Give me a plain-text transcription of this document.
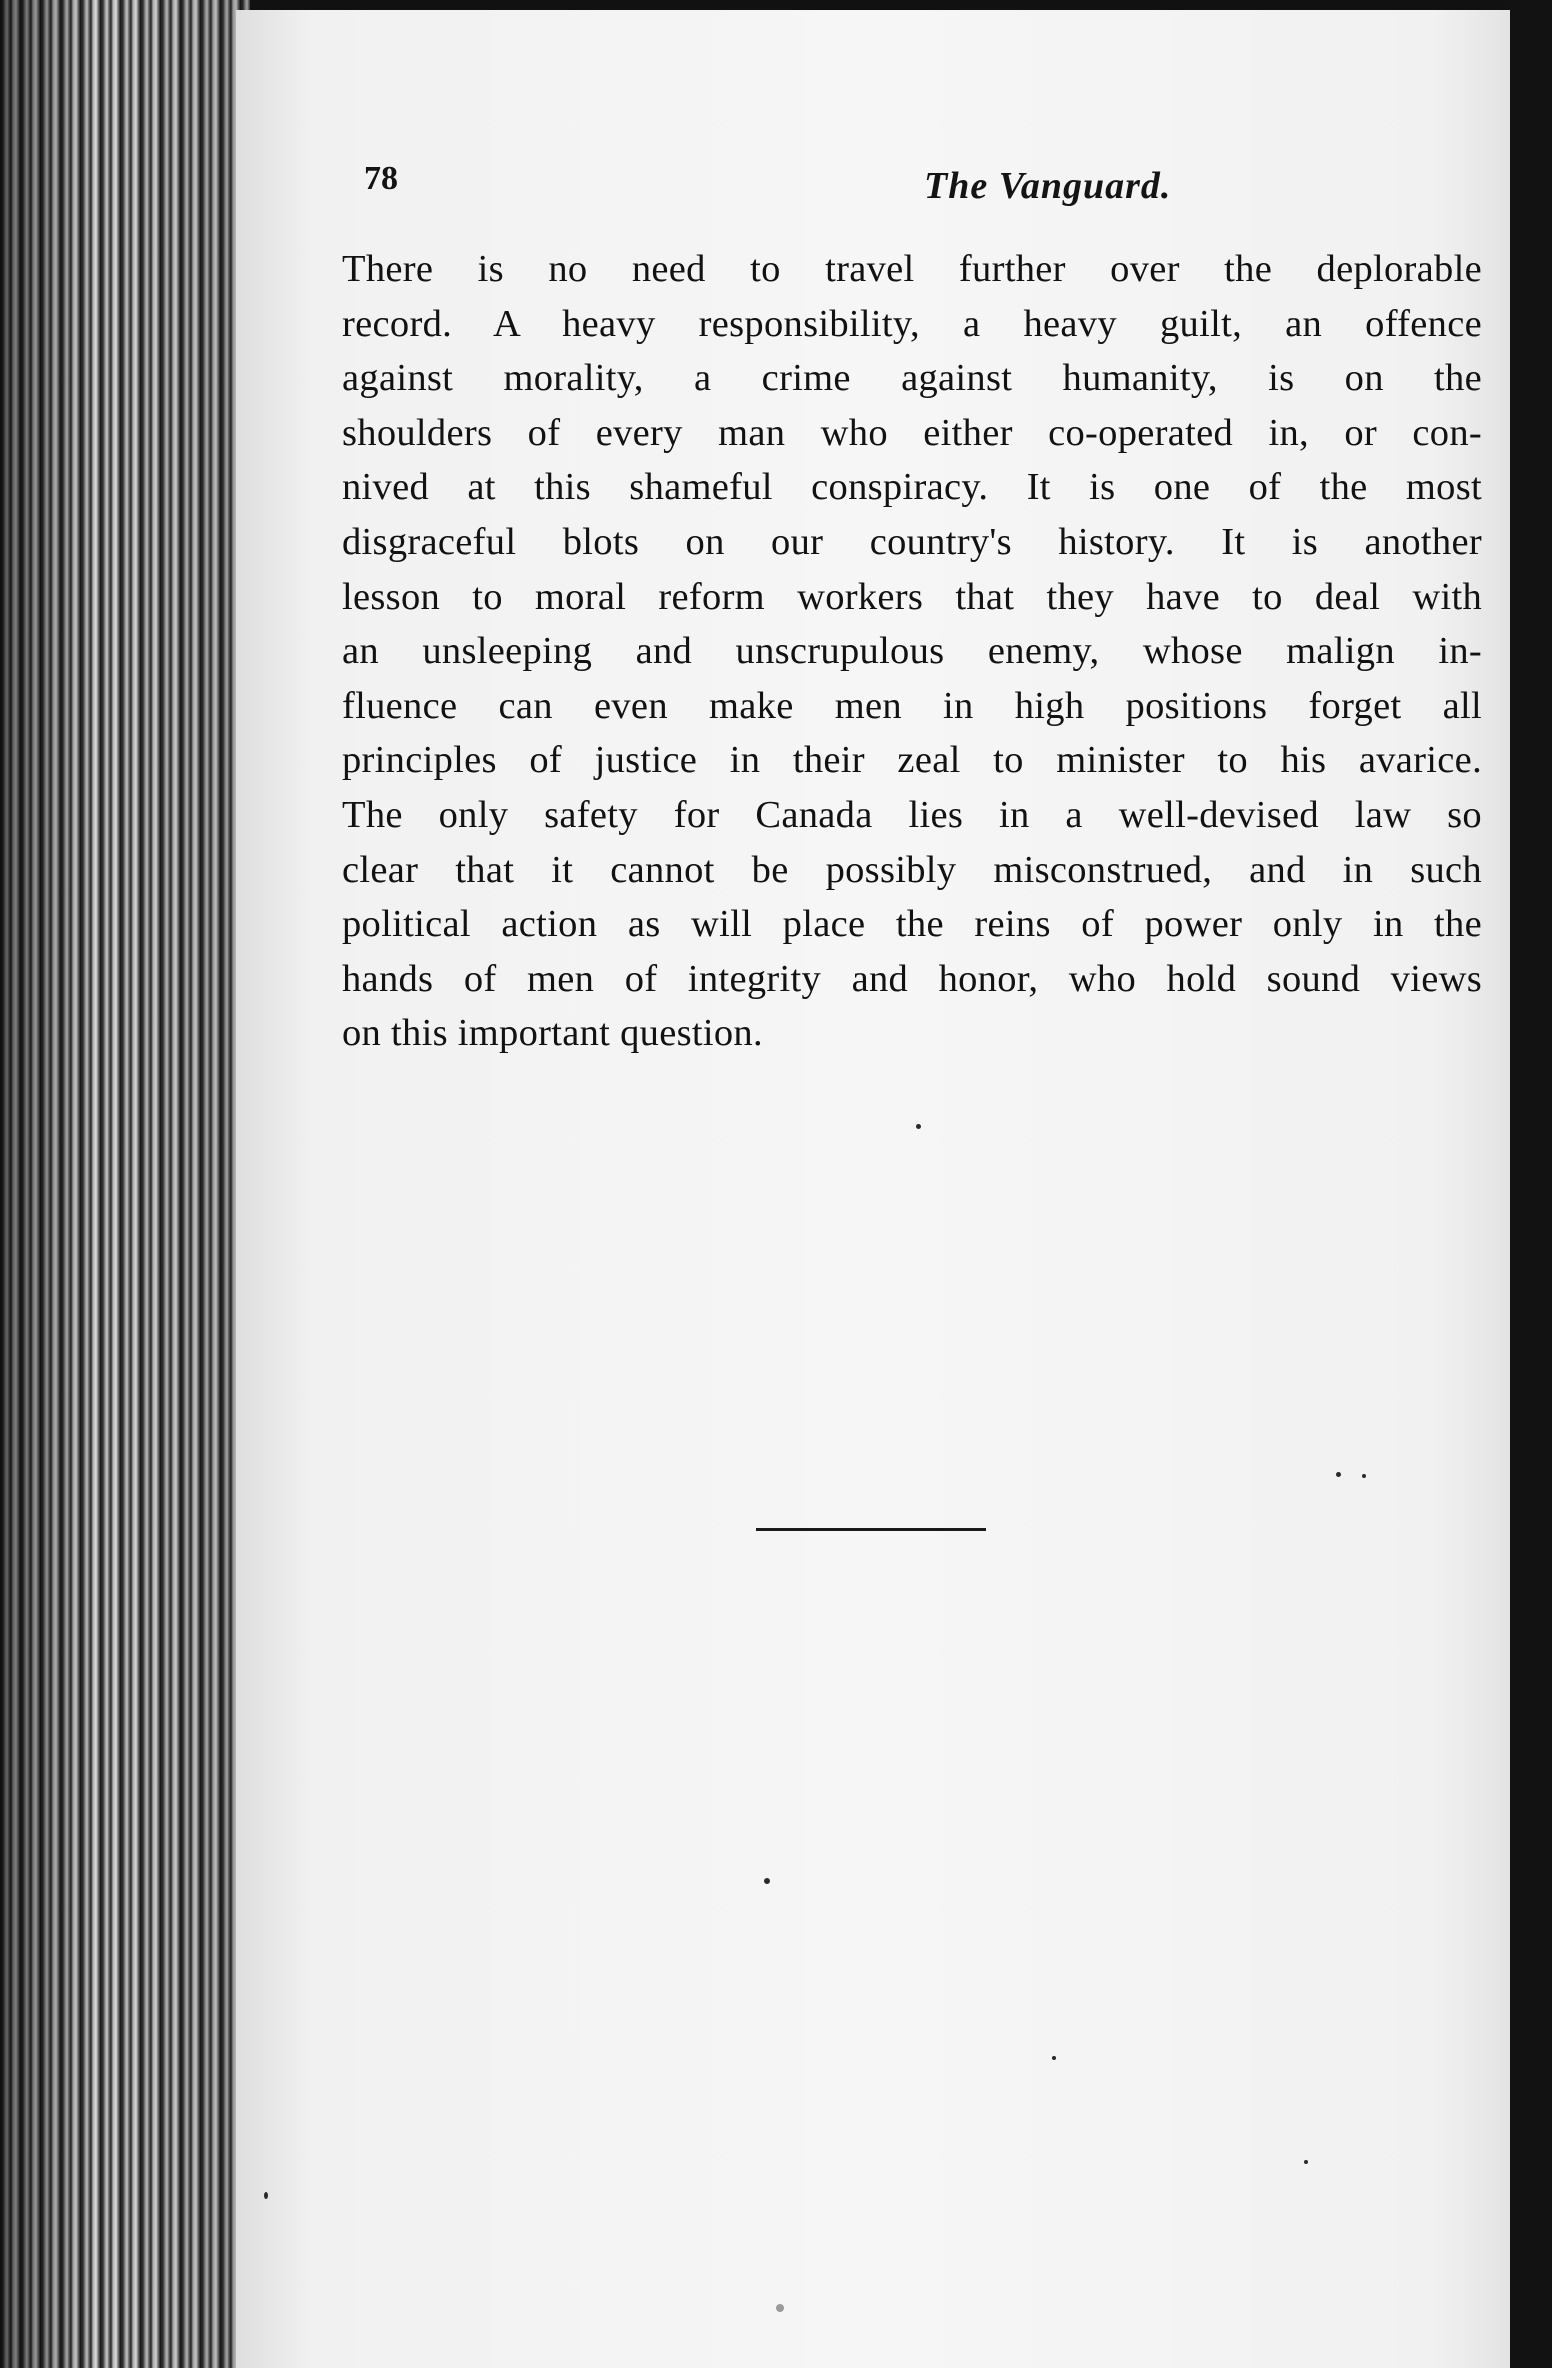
78	The Vanguard.
There is no need to travel further over the deplorable
record. A heavy responsibility, a heavy guilt, an offence
against morality, a crime against humanity, is on the
shoulders of every man who either co-operated in, or con-
nived at this shameful conspiracy. It is one of the most
disgraceful blots on our country's history. It is another
lesson to moral reform workers that they have to deal with
an unsleeping and unscrupulous enemy, whose malign in-
fluence can even make men in high positions forget all
principles of justice in their zeal to minister to his avarice.
The only safety for Canada lies in a well-devised law so
clear that it cannot be possibly misconstrued, and in such
political action as will place the reins of power only in the
hands of men of integrity and honor, who hold sound views
on this important question.
